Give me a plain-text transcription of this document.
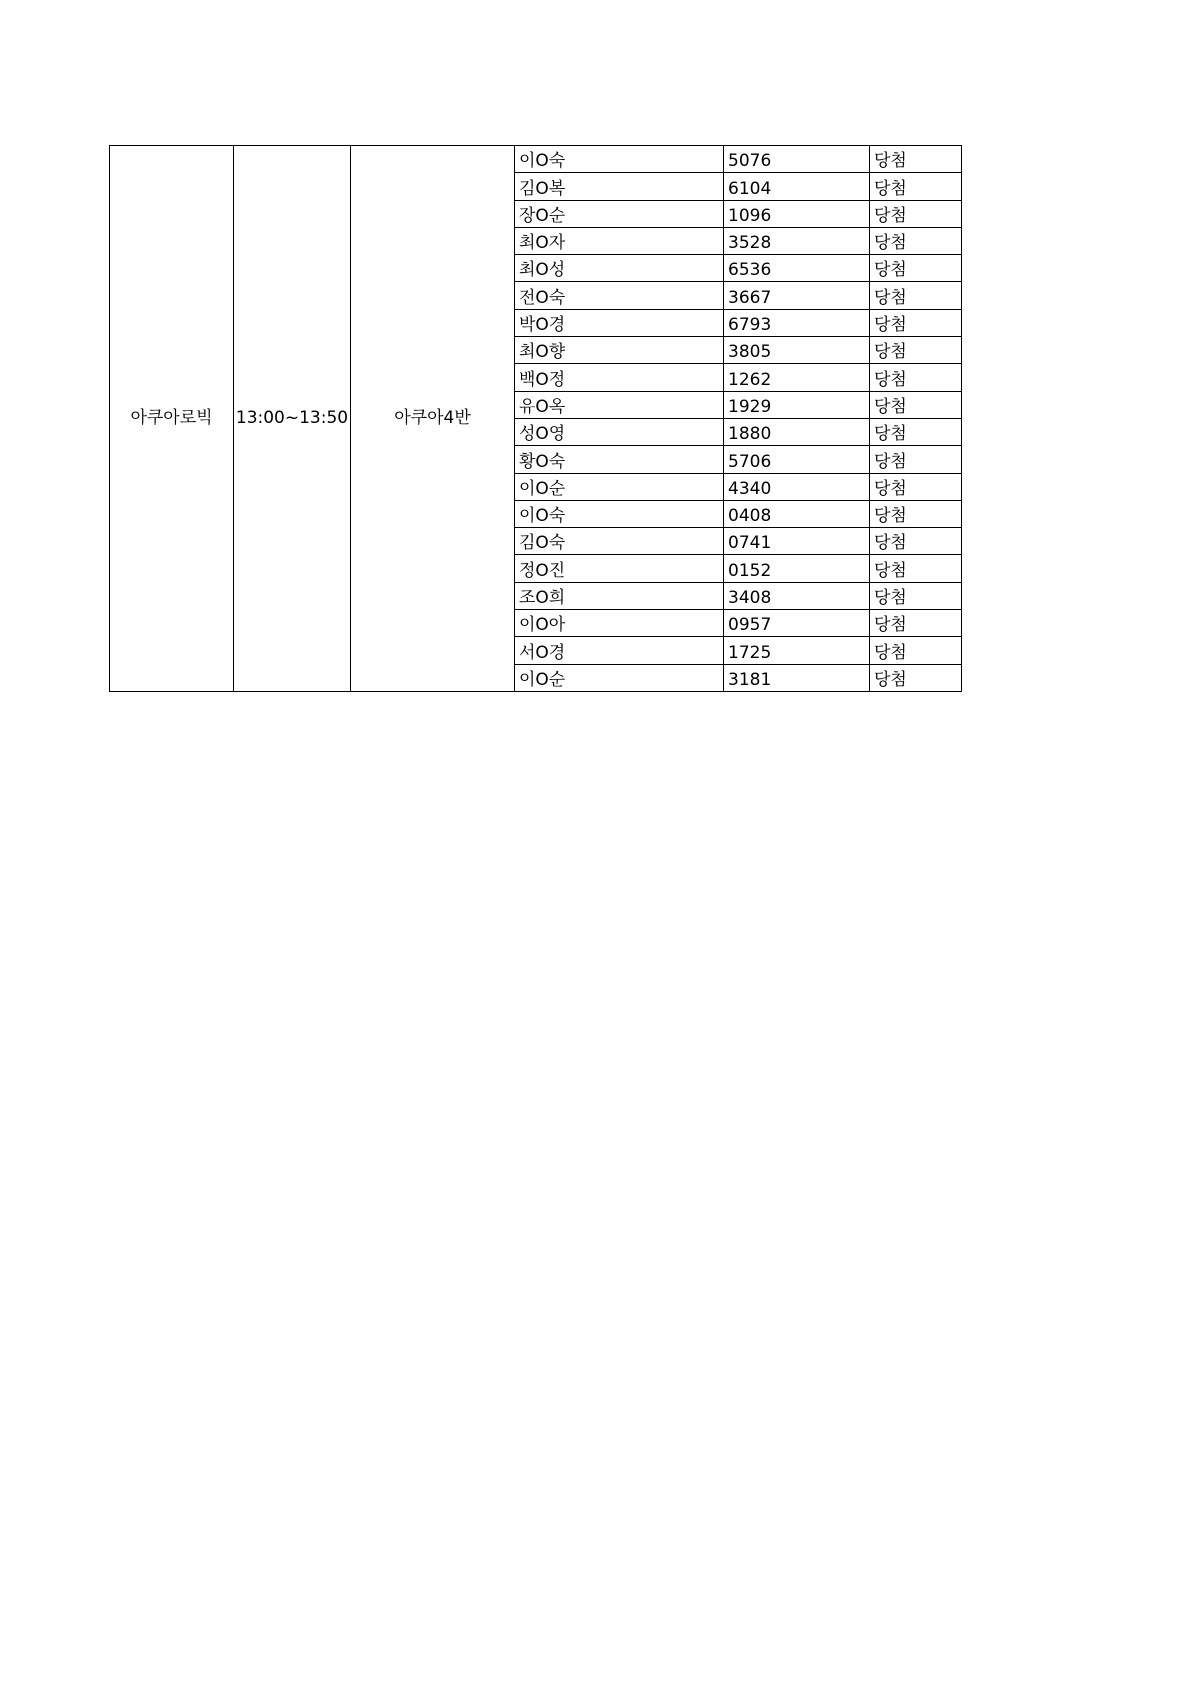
아쿠아로빅	13:00~13:50	아쿠아4반	이O숙	5076	당첨
			김O복	6104	당첨
			장O순	1096	당첨
			최O자	3528	당첨
			최O성	6536	당첨
			전O숙	3667	당첨
			박O경	6793	당첨
			최O향	3805	당첨
			백O정	1262	당첨
			유O옥	1929	당첨
			성O영	1880	당첨
			황O숙	5706	당첨
			이O순	4340	당첨
			이O숙	0408	당첨
			김O숙	0741	당첨
			정O진	0152	당첨
			조O희	3408	당첨
			이O아	0957	당첨
			서O경	1725	당첨
			이O순	3181	당첨
